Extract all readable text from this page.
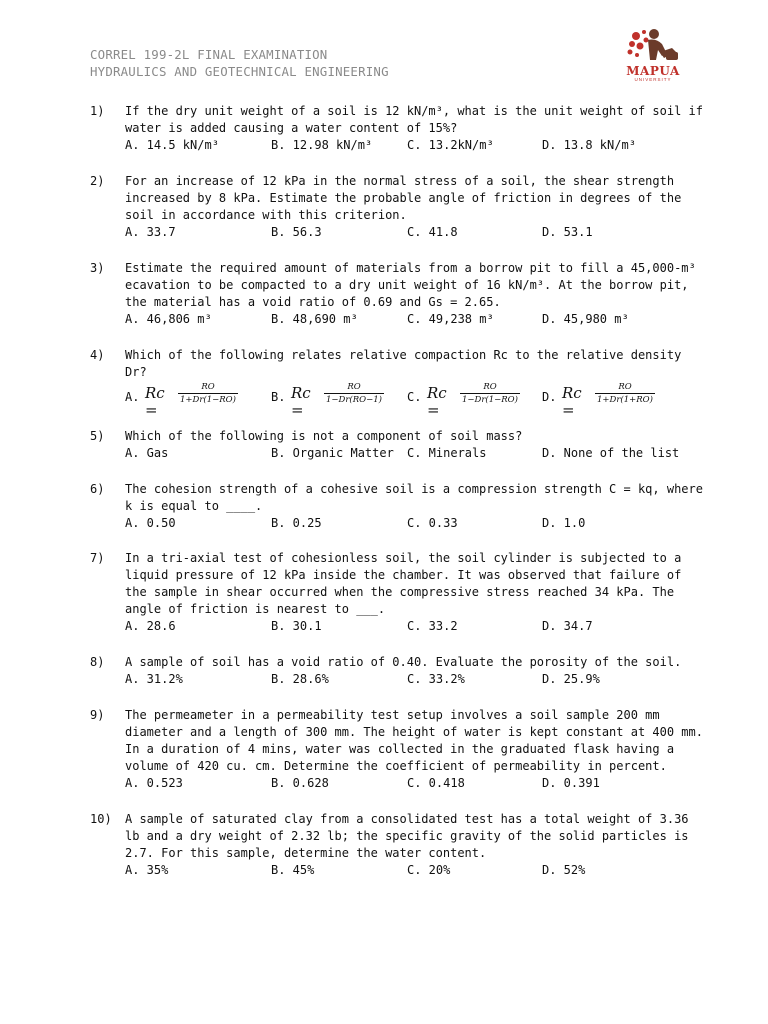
CORREL 199-2L FINAL EXAMINATION
HYDRAULICS AND GEOTECHNICAL ENGINEERING	MAPUA
UNIVERSITY
1)	If the dry unit weight of a soil is 12 kN/m³, what is the unit weight of soil if
water is added causing a water content of 15%?
A. 14.5 kN/m³	B. 12.98 kN/m³	C. 13.2kN/m³	D. 13.8 kN/m³
2)	For an increase of 12 kPa in the normal stress of a soil, the shear strength
increased by 8 kPa. Estimate the probable angle of friction in degrees of the
soil in accordance with this criterion.
A. 33.7	B. 56.3	C. 41.8	D. 53.1
3)	Estimate the required amount of materials from a borrow pit to fill a 45,000-m³
ecavation to be compacted to a dry unit weight of 16 kN/m³. At the borrow pit,
the material has a void ratio of 0.69 and Gs = 2.65.
A. 46,806 m³	B. 48,690 m³	C. 49,238 m³	D. 45,980 m³
4)	Which of the following relates relative compaction Rc to the relative density
Dr?
A. Rc =
RO
1+Dr(1−RO)	B. Rc =
RO
1−Dr(RO−1) C. Rc =
RO
1−Dr(1−RO) D. Rc =
RO
1+Dr(1+RO)
5)	Which of the following is not a component of soil mass?
A. Gas	B. Organic Matter C. Minerals	D. None of the list
6)	The cohesion strength of a cohesive soil is a compression strength C = kq, where
k is equal to ____.
A. 0.50	B. 0.25	C. 0.33	D. 1.0
7)	In a tri-axial test of cohesionless soil, the soil cylinder is subjected to a
liquid pressure of 12 kPa inside the chamber. It was observed that failure of
the sample in shear occurred when the compressive stress reached 34 kPa. The
angle of friction is nearest to ___.
A. 28.6	B. 30.1	C. 33.2	D. 34.7
8)	A sample of soil has a void ratio of 0.40. Evaluate the porosity of the soil.
A. 31.2%	B. 28.6%	C. 33.2%	D. 25.9%
9)	The permeameter in a permeability test setup involves a soil sample 200 mm
diameter and a length of 300 mm. The height of water is kept constant at 400 mm.
In a duration of 4 mins, water was collected in the graduated flask having a
volume of 420 cu. cm. Determine the coefficient of permeability in percent.
A. 0.523	B. 0.628	C. 0.418	D. 0.391
10)	A sample of saturated clay from a consolidated test has a total weight of 3.36
lb and a dry weight of 2.32 lb; the specific gravity of the solid particles is
2.7. For this sample, determine the water content.
A. 35%	B. 45%	C. 20%	D. 52%
